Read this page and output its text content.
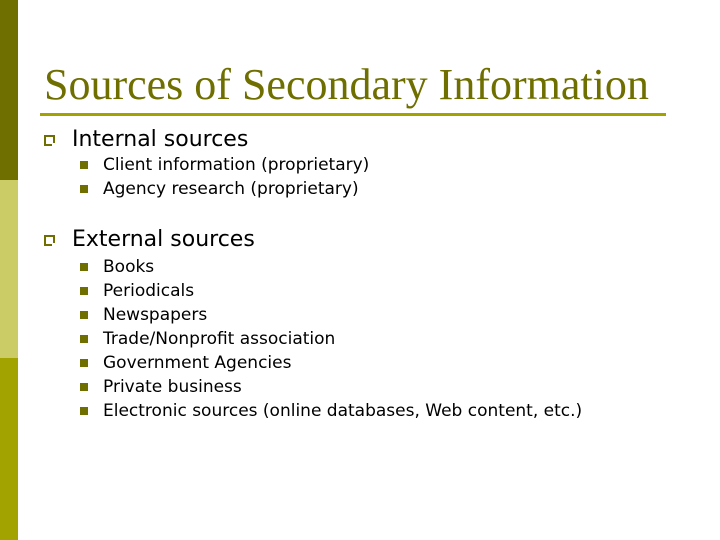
Sources of Secondary Information
Internal sources
Client information (proprietary)
Agency research (proprietary)
External sources
Books
Periodicals
Newspapers
Trade/Nonprofit association
Government Agencies
Private business
Electronic sources (online databases, Web content, etc.)
